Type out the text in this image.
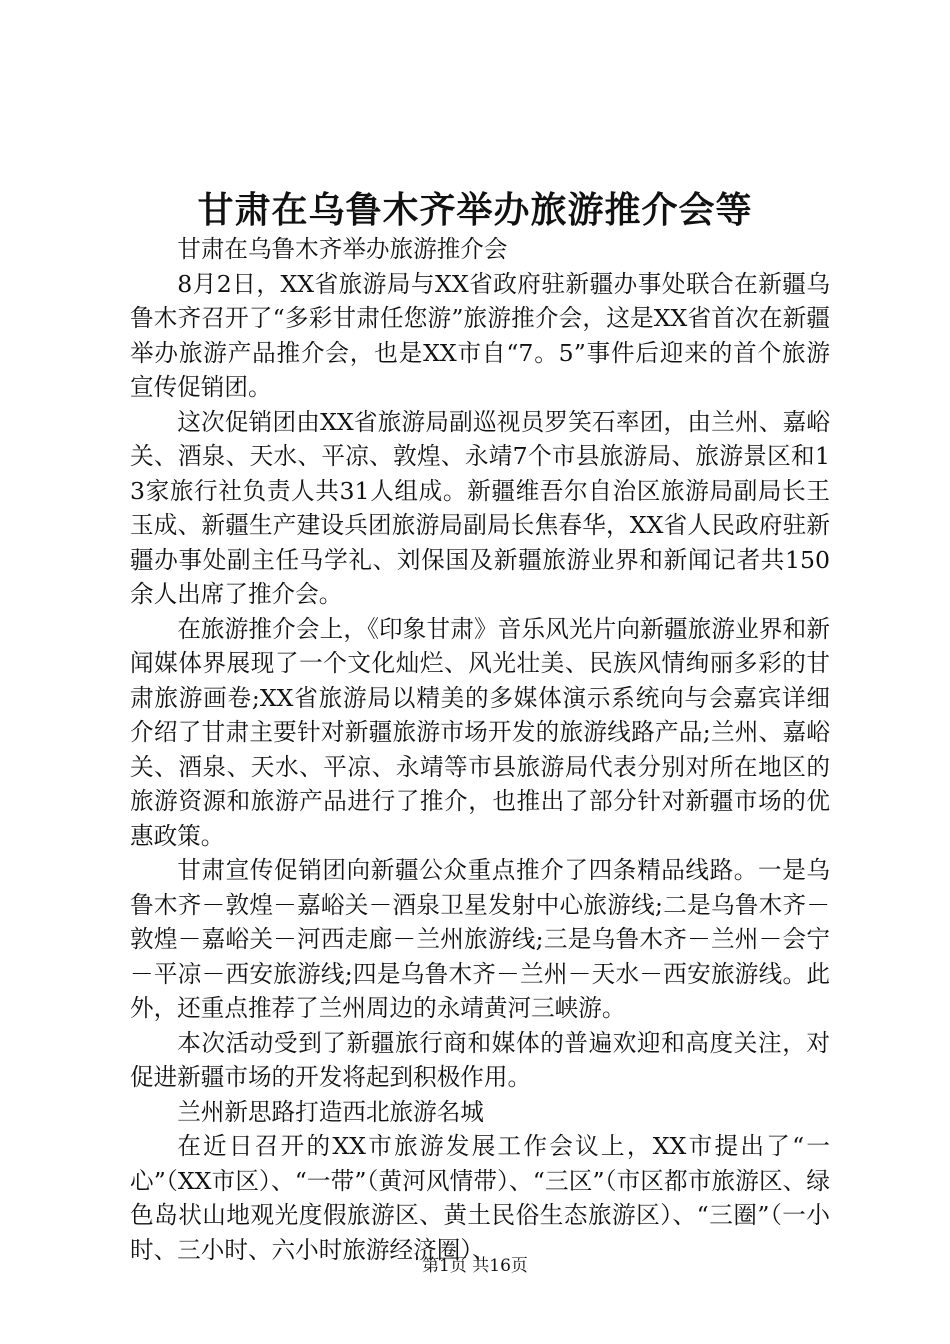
甘肃在乌鲁木齐举办旅游推介会等

甘肃在乌鲁木齐举办旅游推介会

8月2日，XX省旅游局与XX省政府驻新疆办事处联合在新疆乌鲁木齐召开了“多彩甘肃任您游”旅游推介会，这是XX省首次在新疆举办旅游产品推介会，也是XX市自“7。5”事件后迎来的首个旅游宣传促销团。

这次促销团由XX省旅游局副巡视员罗笑石率团，由兰州、嘉峪关、酒泉、天水、平凉、敦煌、永靖7个市县旅游局、旅游景区和13家旅行社负责人共31人组成。新疆维吾尔自治区旅游局副局长王玉成、新疆生产建设兵团旅游局副局长焦春华，XX省人民政府驻新疆办事处副主任马学礼、刘保国及新疆旅游业界和新闻记者共150余人出席了推介会。

在旅游推介会上，《印象甘肃》音乐风光片向新疆旅游业界和新闻媒体界展现了一个文化灿烂、风光壮美、民族风情绚丽多彩的甘肃旅游画卷;XX省旅游局以精美的多媒体演示系统向与会嘉宾详细介绍了甘肃主要针对新疆旅游市场开发的旅游线路产品;兰州、嘉峪关、酒泉、天水、平凉、永靖等市县旅游局代表分别对所在地区的旅游资源和旅游产品进行了推介，也推出了部分针对新疆市场的优惠政策。

甘肃宣传促销团向新疆公众重点推介了四条精品线路。一是乌鲁木齐－敦煌－嘉峪关－酒泉卫星发射中心旅游线;二是乌鲁木齐－敦煌－嘉峪关－河西走廊－兰州旅游线;三是乌鲁木齐－兰州－会宁－平凉－西安旅游线;四是乌鲁木齐－兰州－天水－西安旅游线。此外，还重点推荐了兰州周边的永靖黄河三峡游。

本次活动受到了新疆旅行商和媒体的普遍欢迎和高度关注，对促进新疆市场的开发将起到积极作用。

兰州新思路打造西北旅游名城

在近日召开的XX市旅游发展工作会议上，XX市提出了“一心”（XX市区）、“一带”（黄河风情带）、“三区”（市区都市旅游区、绿色岛状山地观光度假旅游区、黄土民俗生态旅游区）、“三圈”（一小时、三小时、六小时旅游经济圈）、

第1页 共16页
